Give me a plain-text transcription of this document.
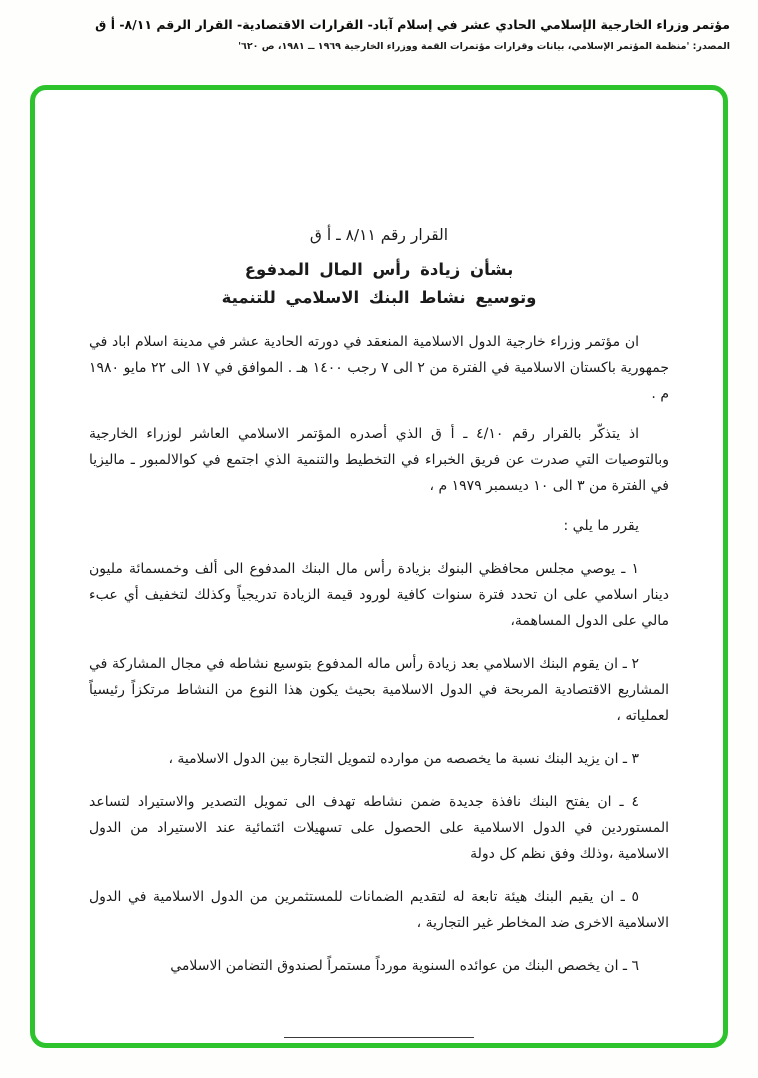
مؤتمر وزراء الخارجية الإسلامي الحادي عشر في إسلام آباد- القرارات الاقتصادية- القرار الرقم ٨/١١- أ ق
المصدر: 'منظمة المؤتمر الإسلامي، بيانات وقرارات مؤتمرات القمة ووزراء الخارجية ١٩٦٩ ــ ١٩٨١، ص ٦٢٠'
القرار رقم ٨/١١ ـ أ ق
بشأن زيادة رأس المال المدفوع
وتوسيع نشاط البنك الاسلامي للتنمية

ان مؤتمر وزراء خارجية الدول الاسلامية المنعقد في دورته الحادية عشر في مدينة اسلام اباد في جمهورية باكستان الاسلامية في الفترة من ٢ الى ٧ رجب ١٤٠٠ هـ . الموافق في ١٧ الى ٢٢ مايو ١٩٨٠ م .

اذ يتذكّر بالقرار رقم ٤/١٠ ـ أ ق الذي أصدره المؤتمر الاسلامي العاشر لوزراء الخارجية وبالتوصيات التي صدرت عن فريق الخبراء في التخطيط والتنمية الذي اجتمع في كوالالمبور ـ ماليزيا في الفترة من ٣ الى ١٠ ديسمبر ١٩٧٩ م ،

يقرر ما يلي :

١ ـ يوصي مجلس محافظي البنوك بزيادة رأس مال البنك المدفوع الى ألف وخمسمائة مليون دينار اسلامي على ان تحدد فترة سنوات كافية لورود قيمة الزيادة تدريجياً وكذلك لتخفيف أي عبء مالي على الدول المساهمة،

٢ ـ ان يقوم البنك الاسلامي بعد زيادة رأس ماله المدفوع بتوسيع نشاطه في مجال المشاركة في المشاريع الاقتصادية المربحة في الدول الاسلامية بحيث يكون هذا النوع من النشاط مرتكزاً رئيسياً لعملياته ،

٣ ـ ان يزيد البنك نسبة ما يخصصه من موارده لتمويل التجارة بين الدول الاسلامية ،

٤ ـ ان يفتح البنك نافذة جديدة ضمن نشاطه تهدف الى تمويل التصدير والاستيراد لتساعد المستوردين في الدول الاسلامية على الحصول على تسهيلات ائتمائية عند الاستيراد من الدول الاسلامية ،وذلك وفق نظم كل دولة

٥ ـ ان يقيم البنك هيئة تابعة له لتقديم الضمانات للمستثمرين من الدول الاسلامية في الدول الاسلامية الاخرى ضد المخاطر غير التجارية ،

٦ ـ ان يخصص البنك من عوائده السنوية مورداً مستمراً لصندوق التضامن الاسلامي
